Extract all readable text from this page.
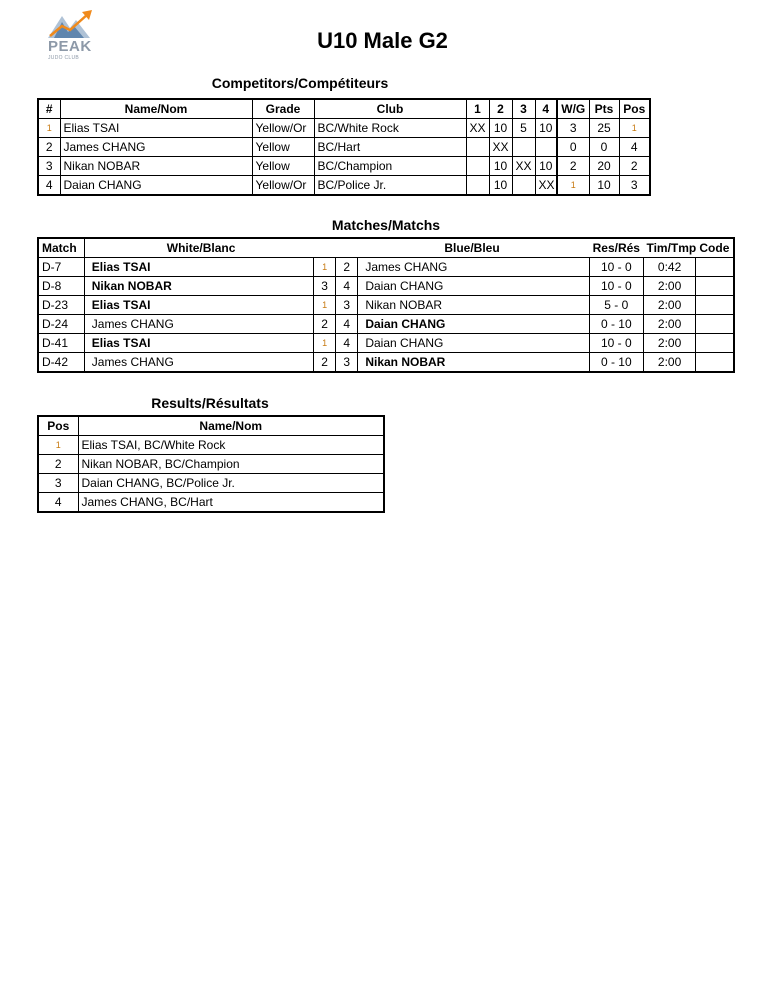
PEAK
JUDO CLUB
U10 Male G2
Competitors/Compétiteurs
#	Name/Nom	Grade	Club	1	2	3	4	W/G	Pts	Pos
1	Elias TSAI	Yellow/Or	BC/White Rock	XX	10	5	10	3	25	1
2	James CHANG	Yellow	BC/Hart		XX			0	0	4
3	Nikan NOBAR	Yellow	BC/Champion		10	XX	10	2	20	2
4	Daian CHANG	Yellow/Or	BC/Police Jr.		10		XX	1	10	3
Matches/Matchs
Match	White/Blanc			Blue/Bleu	Res/Rés	Tim/Tmp	Code
D-7	Elias TSAI	1	2	James CHANG	10 - 0	0:42	
D-8	Nikan NOBAR	3	4	Daian CHANG	10 - 0	2:00	
D-23	Elias TSAI	1	3	Nikan NOBAR	5 - 0	2:00	
D-24	James CHANG	2	4	Daian CHANG	0 - 10	2:00	
D-41	Elias TSAI	1	4	Daian CHANG	10 - 0	2:00	
D-42	James CHANG	2	3	Nikan NOBAR	0 - 10	2:00	
Results/Résultats
Pos	Name/Nom
1	Elias TSAI, BC/White Rock
2	Nikan NOBAR, BC/Champion
3	Daian CHANG, BC/Police Jr.
4	James CHANG, BC/Hart
